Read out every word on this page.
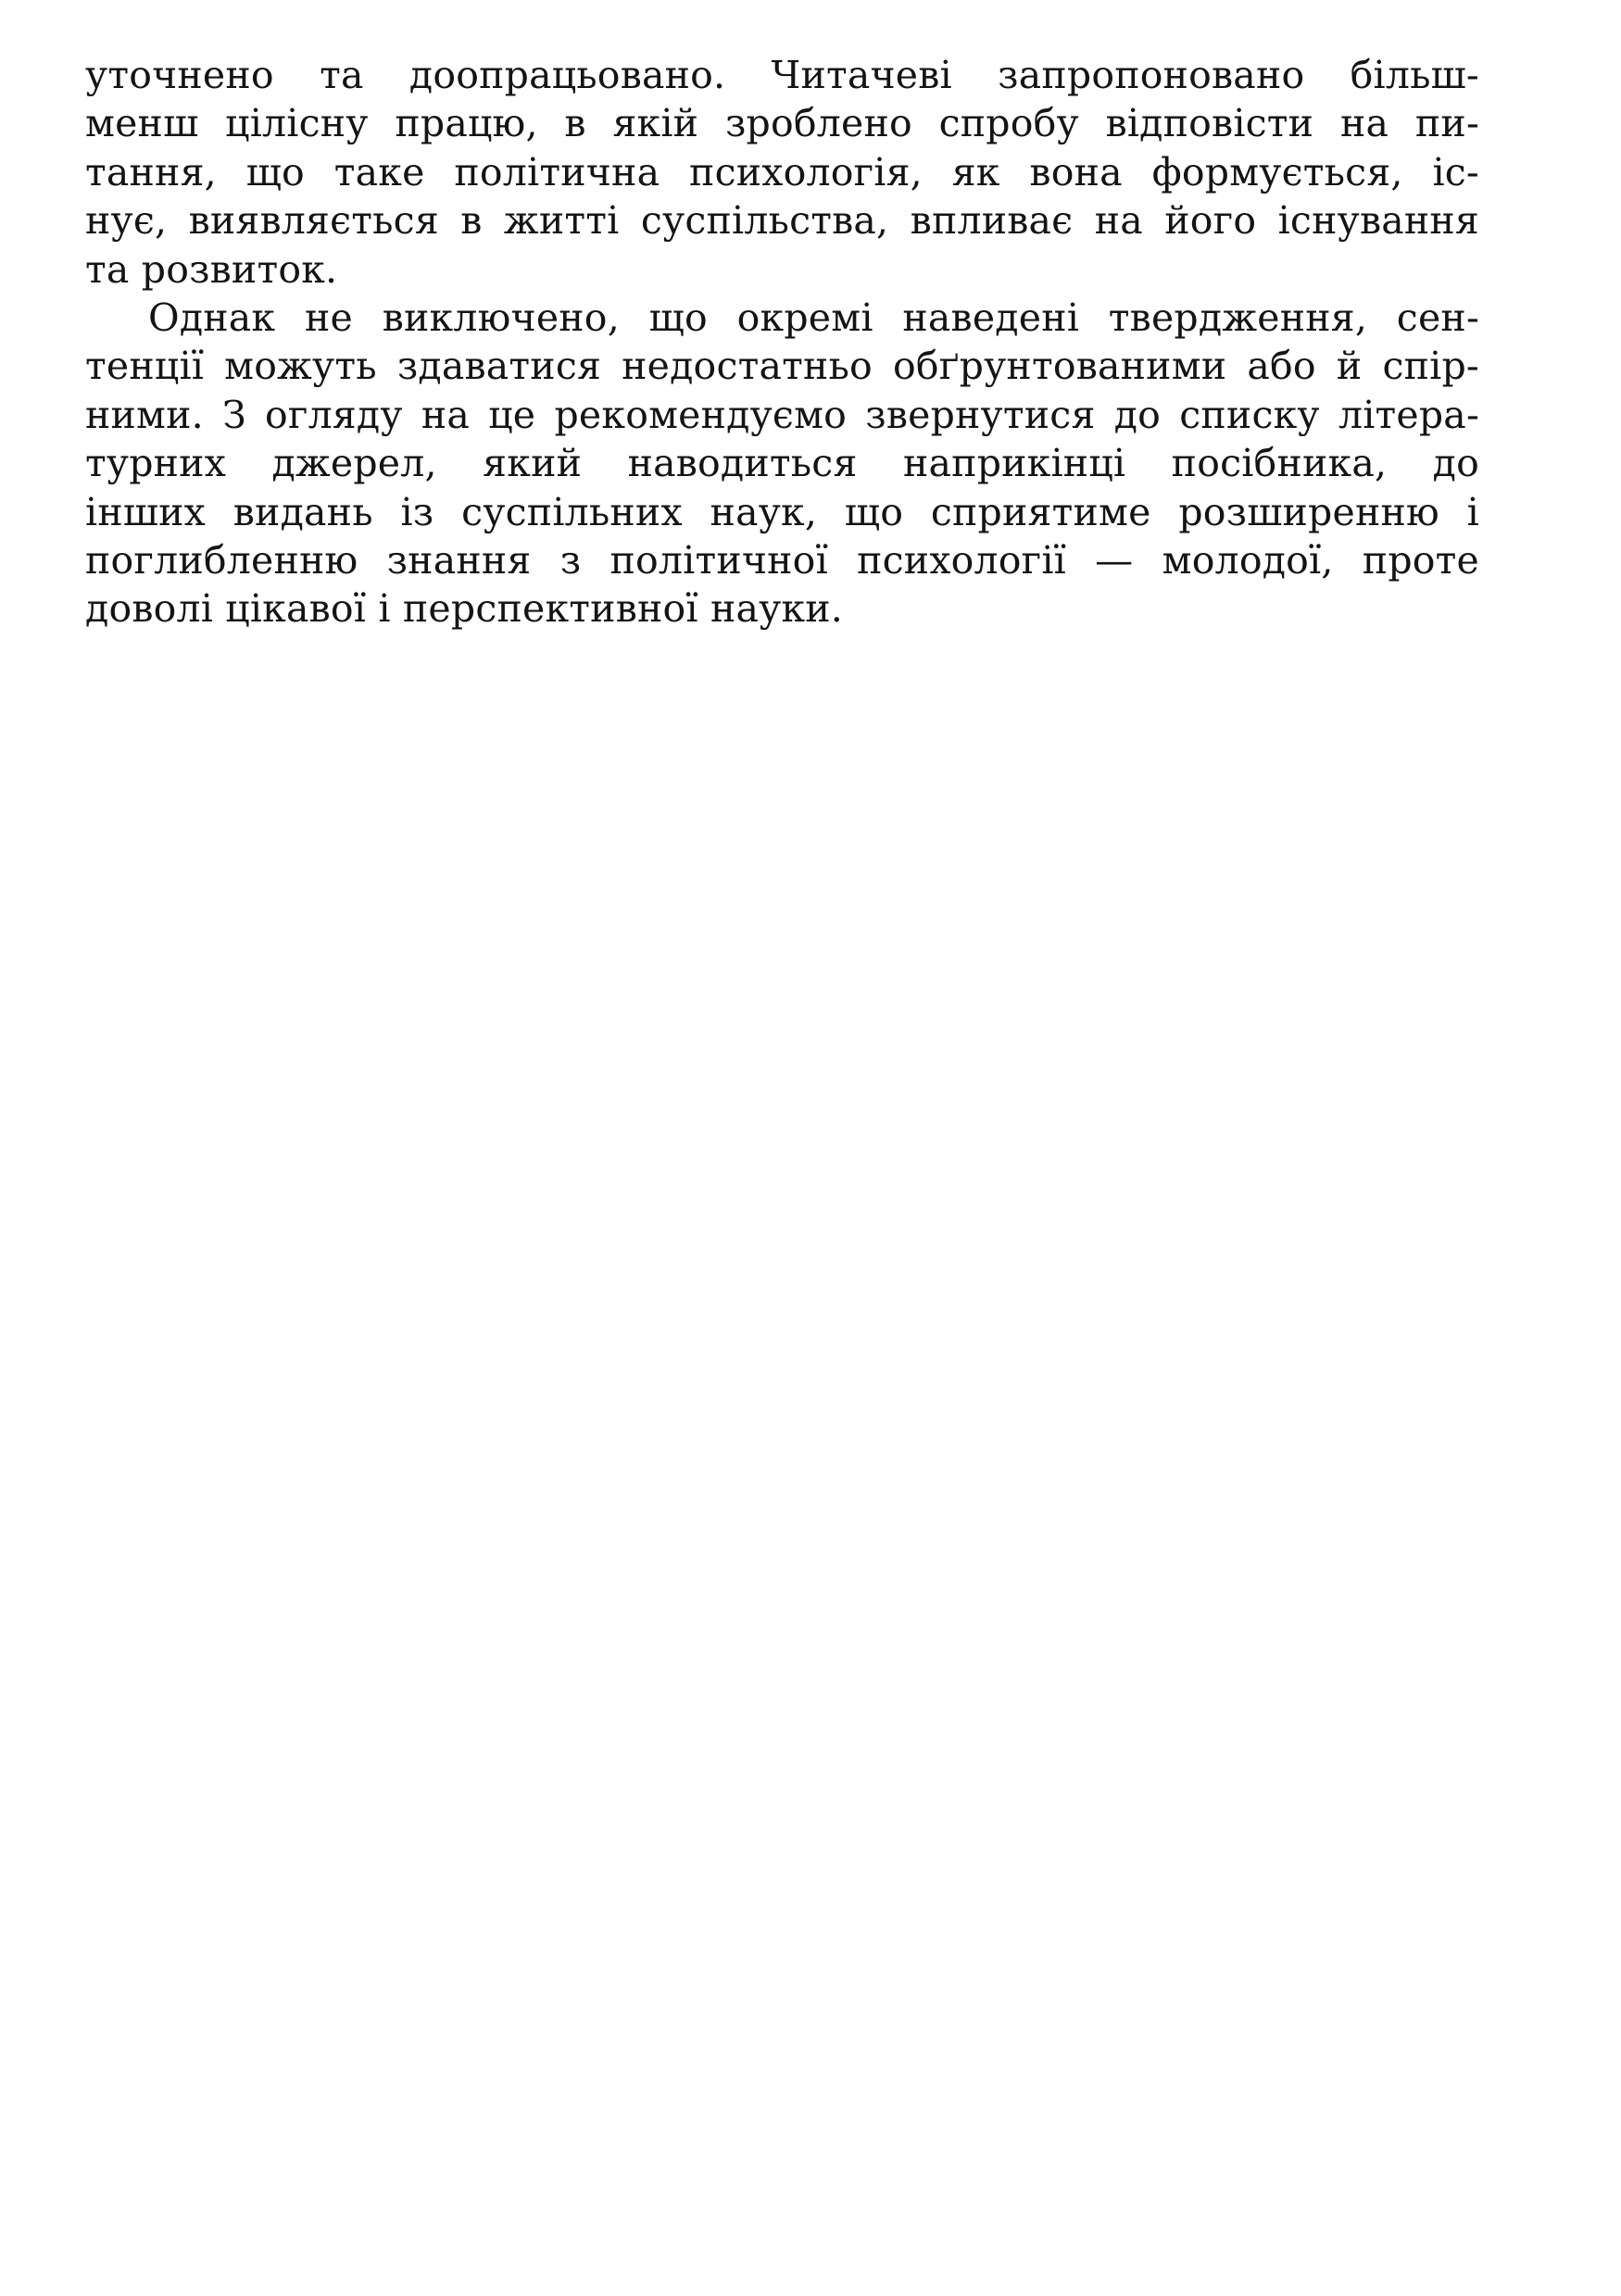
уточнено та доопрацьовано. Читачеві запропоновано більш-
менш цілісну працю, в якій зроблено спробу відповісти на пи-
тання, що таке політична психологія, як вона формується, іс-
нує, виявляється в житті суспільства, впливає на його існування
та розвиток.
Однак не виключено, що окремі наведені твердження, сен-
тенції можуть здаватися недостатньо обґрунтованими або й спір-
ними. З огляду на це рекомендуємо звернутися до списку літера-
турних джерел, який наводиться наприкінці посібника, до
інших видань із суспільних наук, що сприятиме розширенню і
поглибленню знання з політичної психології — молодої, проте
доволі цікавої і перспективної науки.
